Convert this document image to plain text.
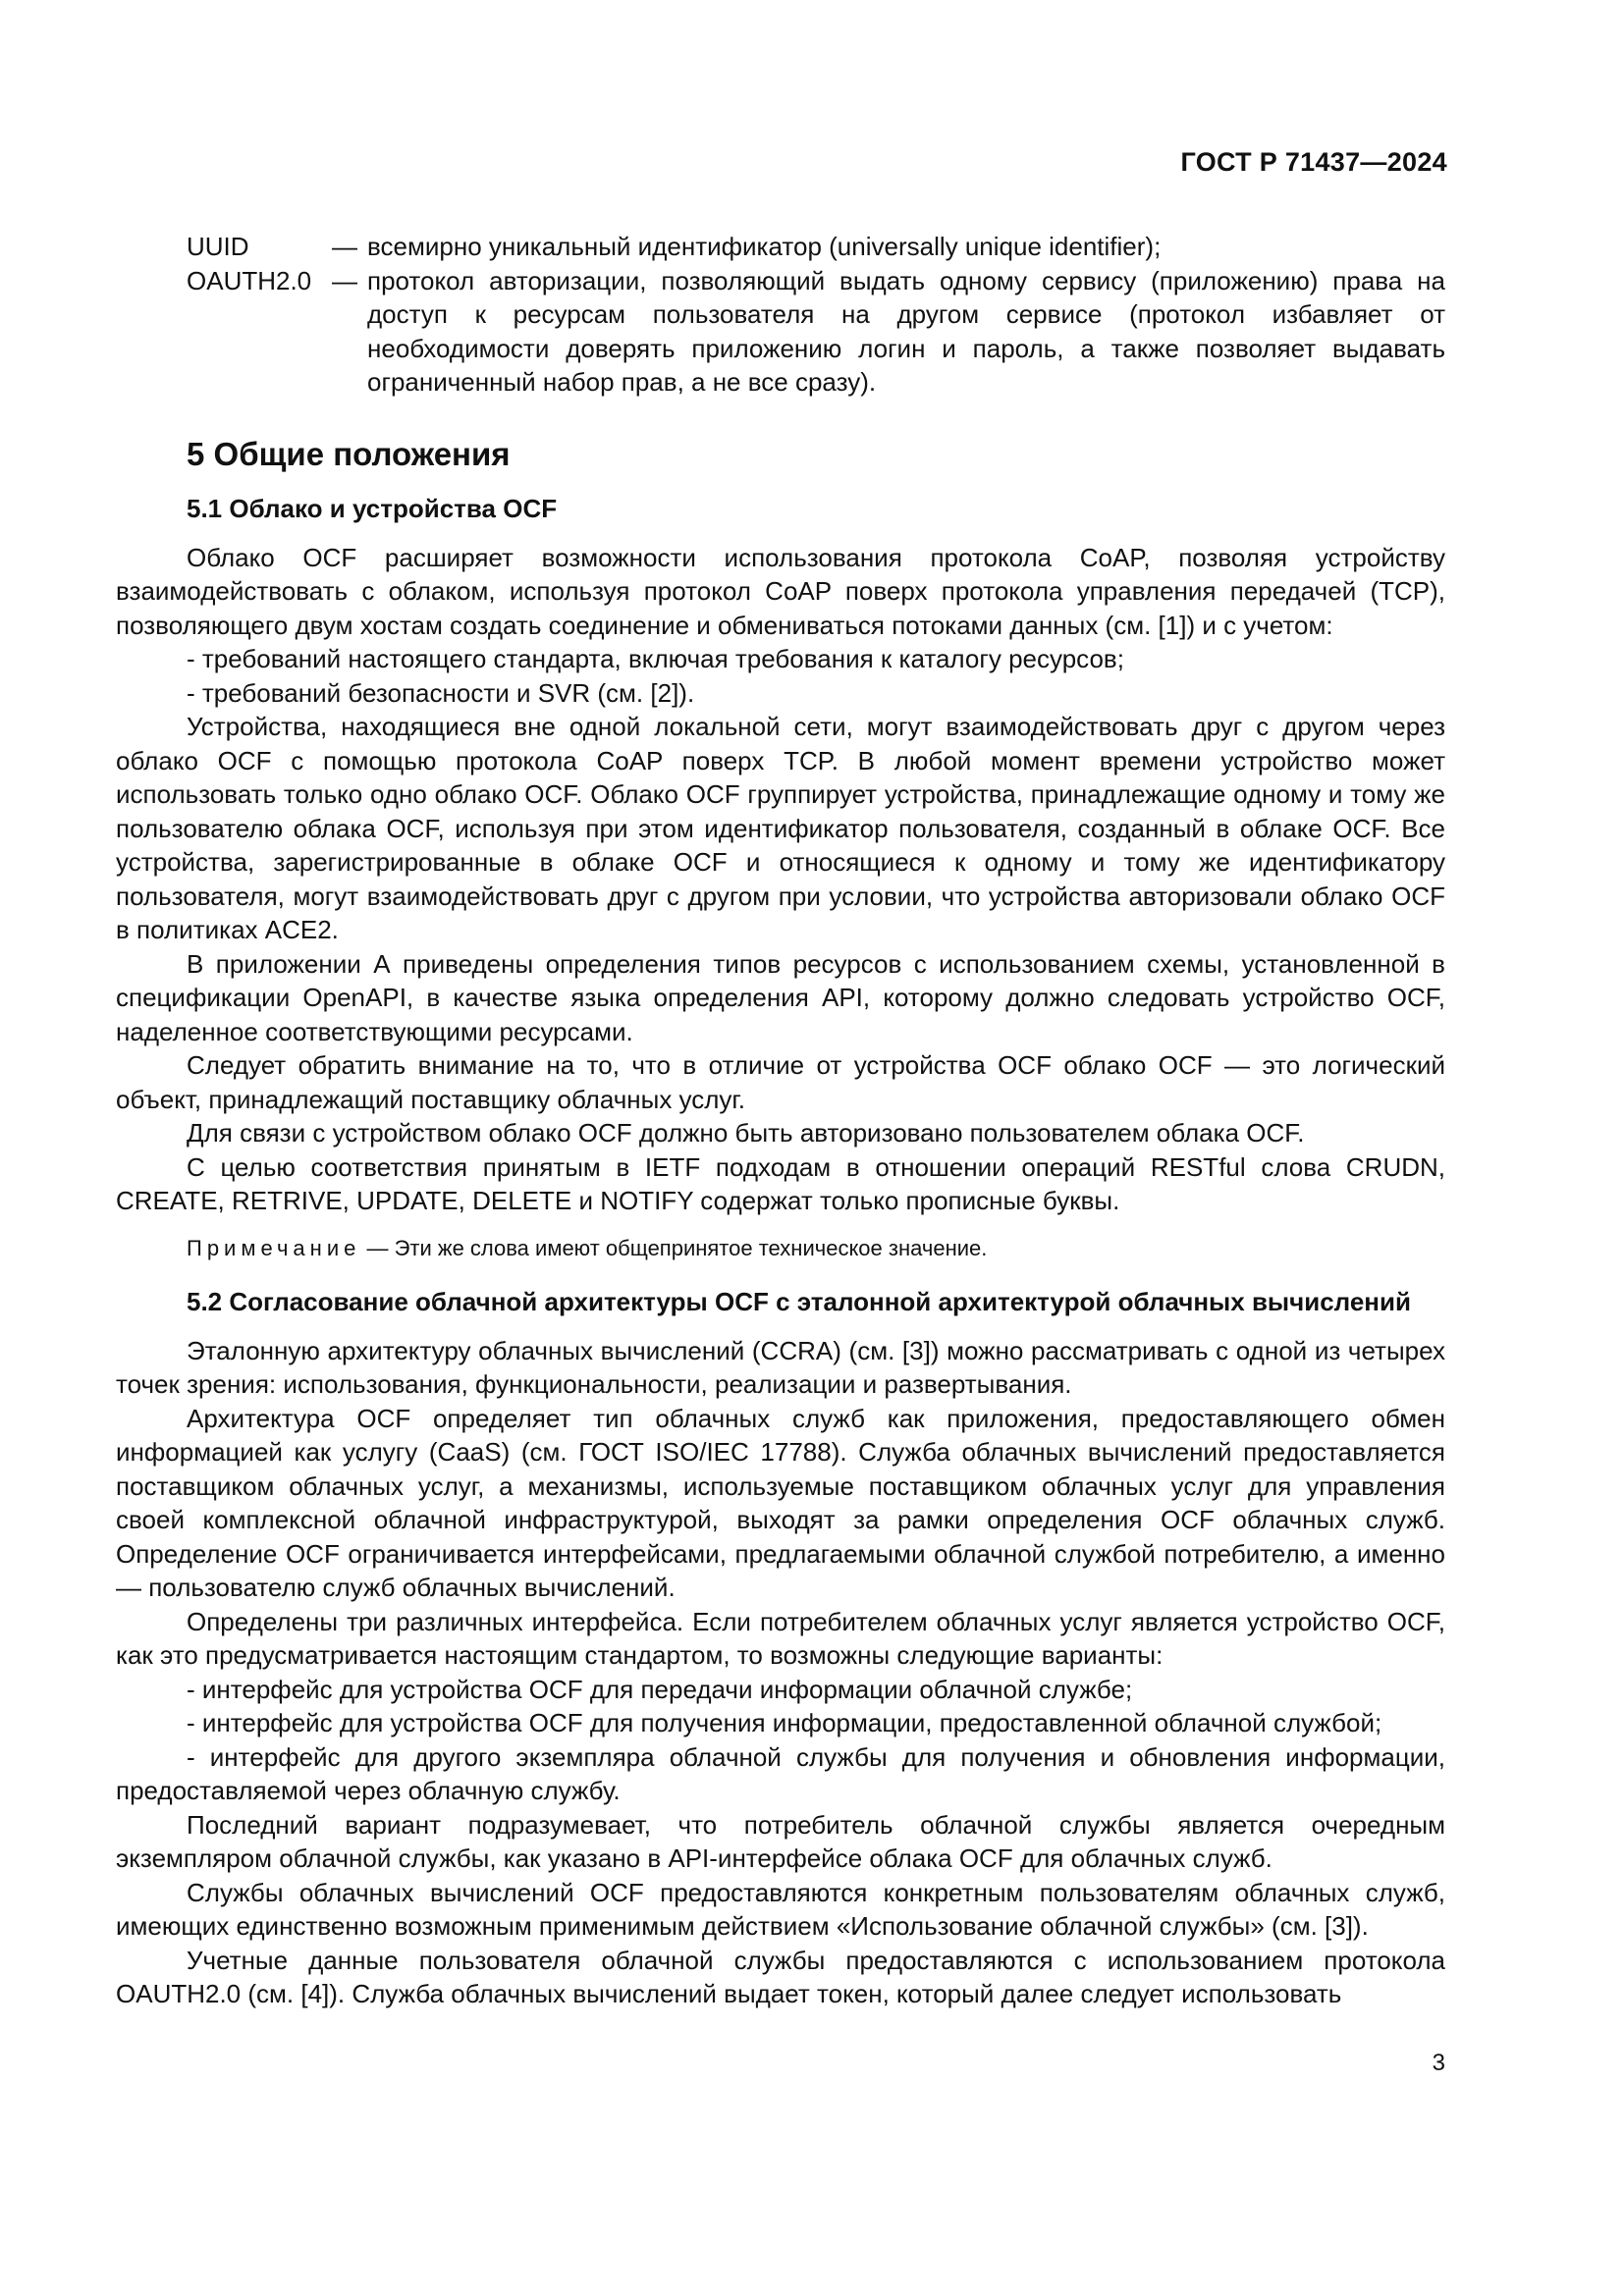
ГОСТ Р 71437—2024
UUID	— всемирно уникальный идентификатор (universally unique identifier);
OAUTH2.0 — протокол авторизации, позволяющий выдать одному сервису (приложению) права на доступ к ресурсам пользователя на другом сервисе (протокол избавляет от необходимости доверять приложению логин и пароль, а также позволяет выдавать ограниченный набор прав, а не все сразу).
5 Общие положения
5.1 Облако и устройства OCF

Облако OCF расширяет возможности использования протокола CoAP, позволяя устройству взаимодействовать с облаком, используя протокол CoAP поверх протокола управления передачей (TCP), позволяющего двум хостам создать соединение и обмениваться потоками данных (см. [1]) и с учетом:

- требований настоящего стандарта, включая требования к каталогу ресурсов;

- требований безопасности и SVR (см. [2]).

Устройства, находящиеся вне одной локальной сети, могут взаимодействовать друг с другом через облако OCF с помощью протокола CoAP поверх TCP. В любой момент времени устройство может использовать только одно облако OCF. Облако OCF группирует устройства, принадлежащие одному и тому же пользователю облака OCF, используя при этом идентификатор пользователя, созданный в облаке OCF. Все устройства, зарегистрированные в облаке OCF и относящиеся к одному и тому же идентификатору пользователя, могут взаимодействовать друг с другом при условии, что устройства авторизовали облако OCF в политиках ACE2.

В приложении А приведены определения типов ресурсов с использованием схемы, установленной в спецификации OpenAPI, в качестве языка определения API, которому должно следовать устройство OCF, наделенное соответствующими ресурсами.

Следует обратить внимание на то, что в отличие от устройства OCF облако OCF — это логический объект, принадлежащий поставщику облачных услуг.

Для связи с устройством облако OCF должно быть авторизовано пользователем облака OCF.

С целью соответствия принятым в IETF подходам в отношении операций RESTful слова CRUDN, CREATE, RETRIVE, UPDATE, DELETE и NOTIFY содержат только прописные буквы.

Примечание — Эти же слова имеют общепринятое техническое значение.
5.2 Согласование облачной архитектуры OCF с эталонной архитектурой облачных вычислений

Эталонную архитектуру облачных вычислений (CCRA) (см. [3]) можно рассматривать с одной из четырех точек зрения: использования, функциональности, реализации и развертывания.

Архитектура OCF определяет тип облачных служб как приложения, предоставляющего обмен информацией как услугу (CaaS) (см. ГОСТ ISO/IEC 17788). Служба облачных вычислений предоставляется поставщиком облачных услуг, а механизмы, используемые поставщиком облачных услуг для управления своей комплексной облачной инфраструктурой, выходят за рамки определения OCF облачных служб. Определение OCF ограничивается интерфейсами, предлагаемыми облачной службой потребителю, а именно — пользователю служб облачных вычислений.

Определены три различных интерфейса. Если потребителем облачных услуг является устройство OCF, как это предусматривается настоящим стандартом, то возможны следующие варианты:

- интерфейс для устройства OCF для передачи информации облачной службе;

- интерфейс для устройства OCF для получения информации, предоставленной облачной службой;

- интерфейс для другого экземпляра облачной службы для получения и обновления информации, предоставляемой через облачную службу.

Последний вариант подразумевает, что потребитель облачной службы является очередным экземпляром облачной службы, как указано в API-интерфейсе облака OCF для облачных служб.

Службы облачных вычислений OCF предоставляются конкретным пользователям облачных служб, имеющих единственно возможным применимым действием «Использование облачной службы» (см. [3]).

Учетные данные пользователя облачной службы предоставляются с использованием протокола OAUTH2.0 (см. [4]). Служба облачных вычислений выдает токен, который далее следует использовать

3
